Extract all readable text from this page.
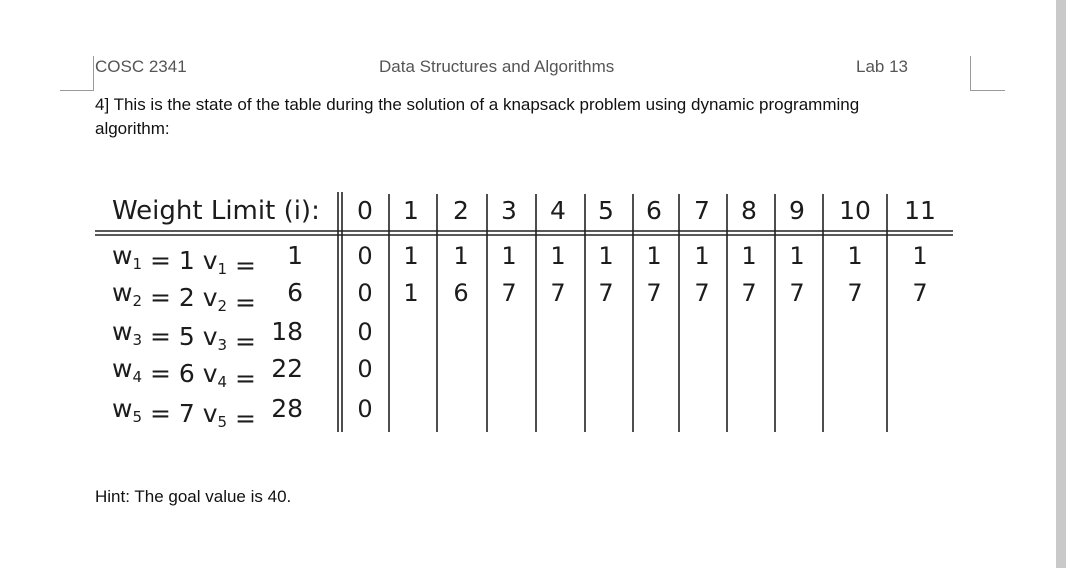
COSC 2341	Data Structures and Algorithms	Lab 13
4] This is the state of the table during the solution of a knapsack problem using dynamic programming algorithm:
Weight Limit (i): 0 1 2 3 4 5 6 7 8 9 10 11
$w_1 = 1$ $v_1 = 1$
$w_2 = 2$ $v_2 = 6$
$w_3 = 5$ $v_3 = 18$
$w_4 = 6$ $v_4 = 22$
$w_5 = 7$ $v_5 = 28$
0 1 1 1 1 1 1 1 1 1 1 1
0 1 6 7 7 7 7 7 7 7 7 7
0
0
0
Hint: The goal value is 40.
